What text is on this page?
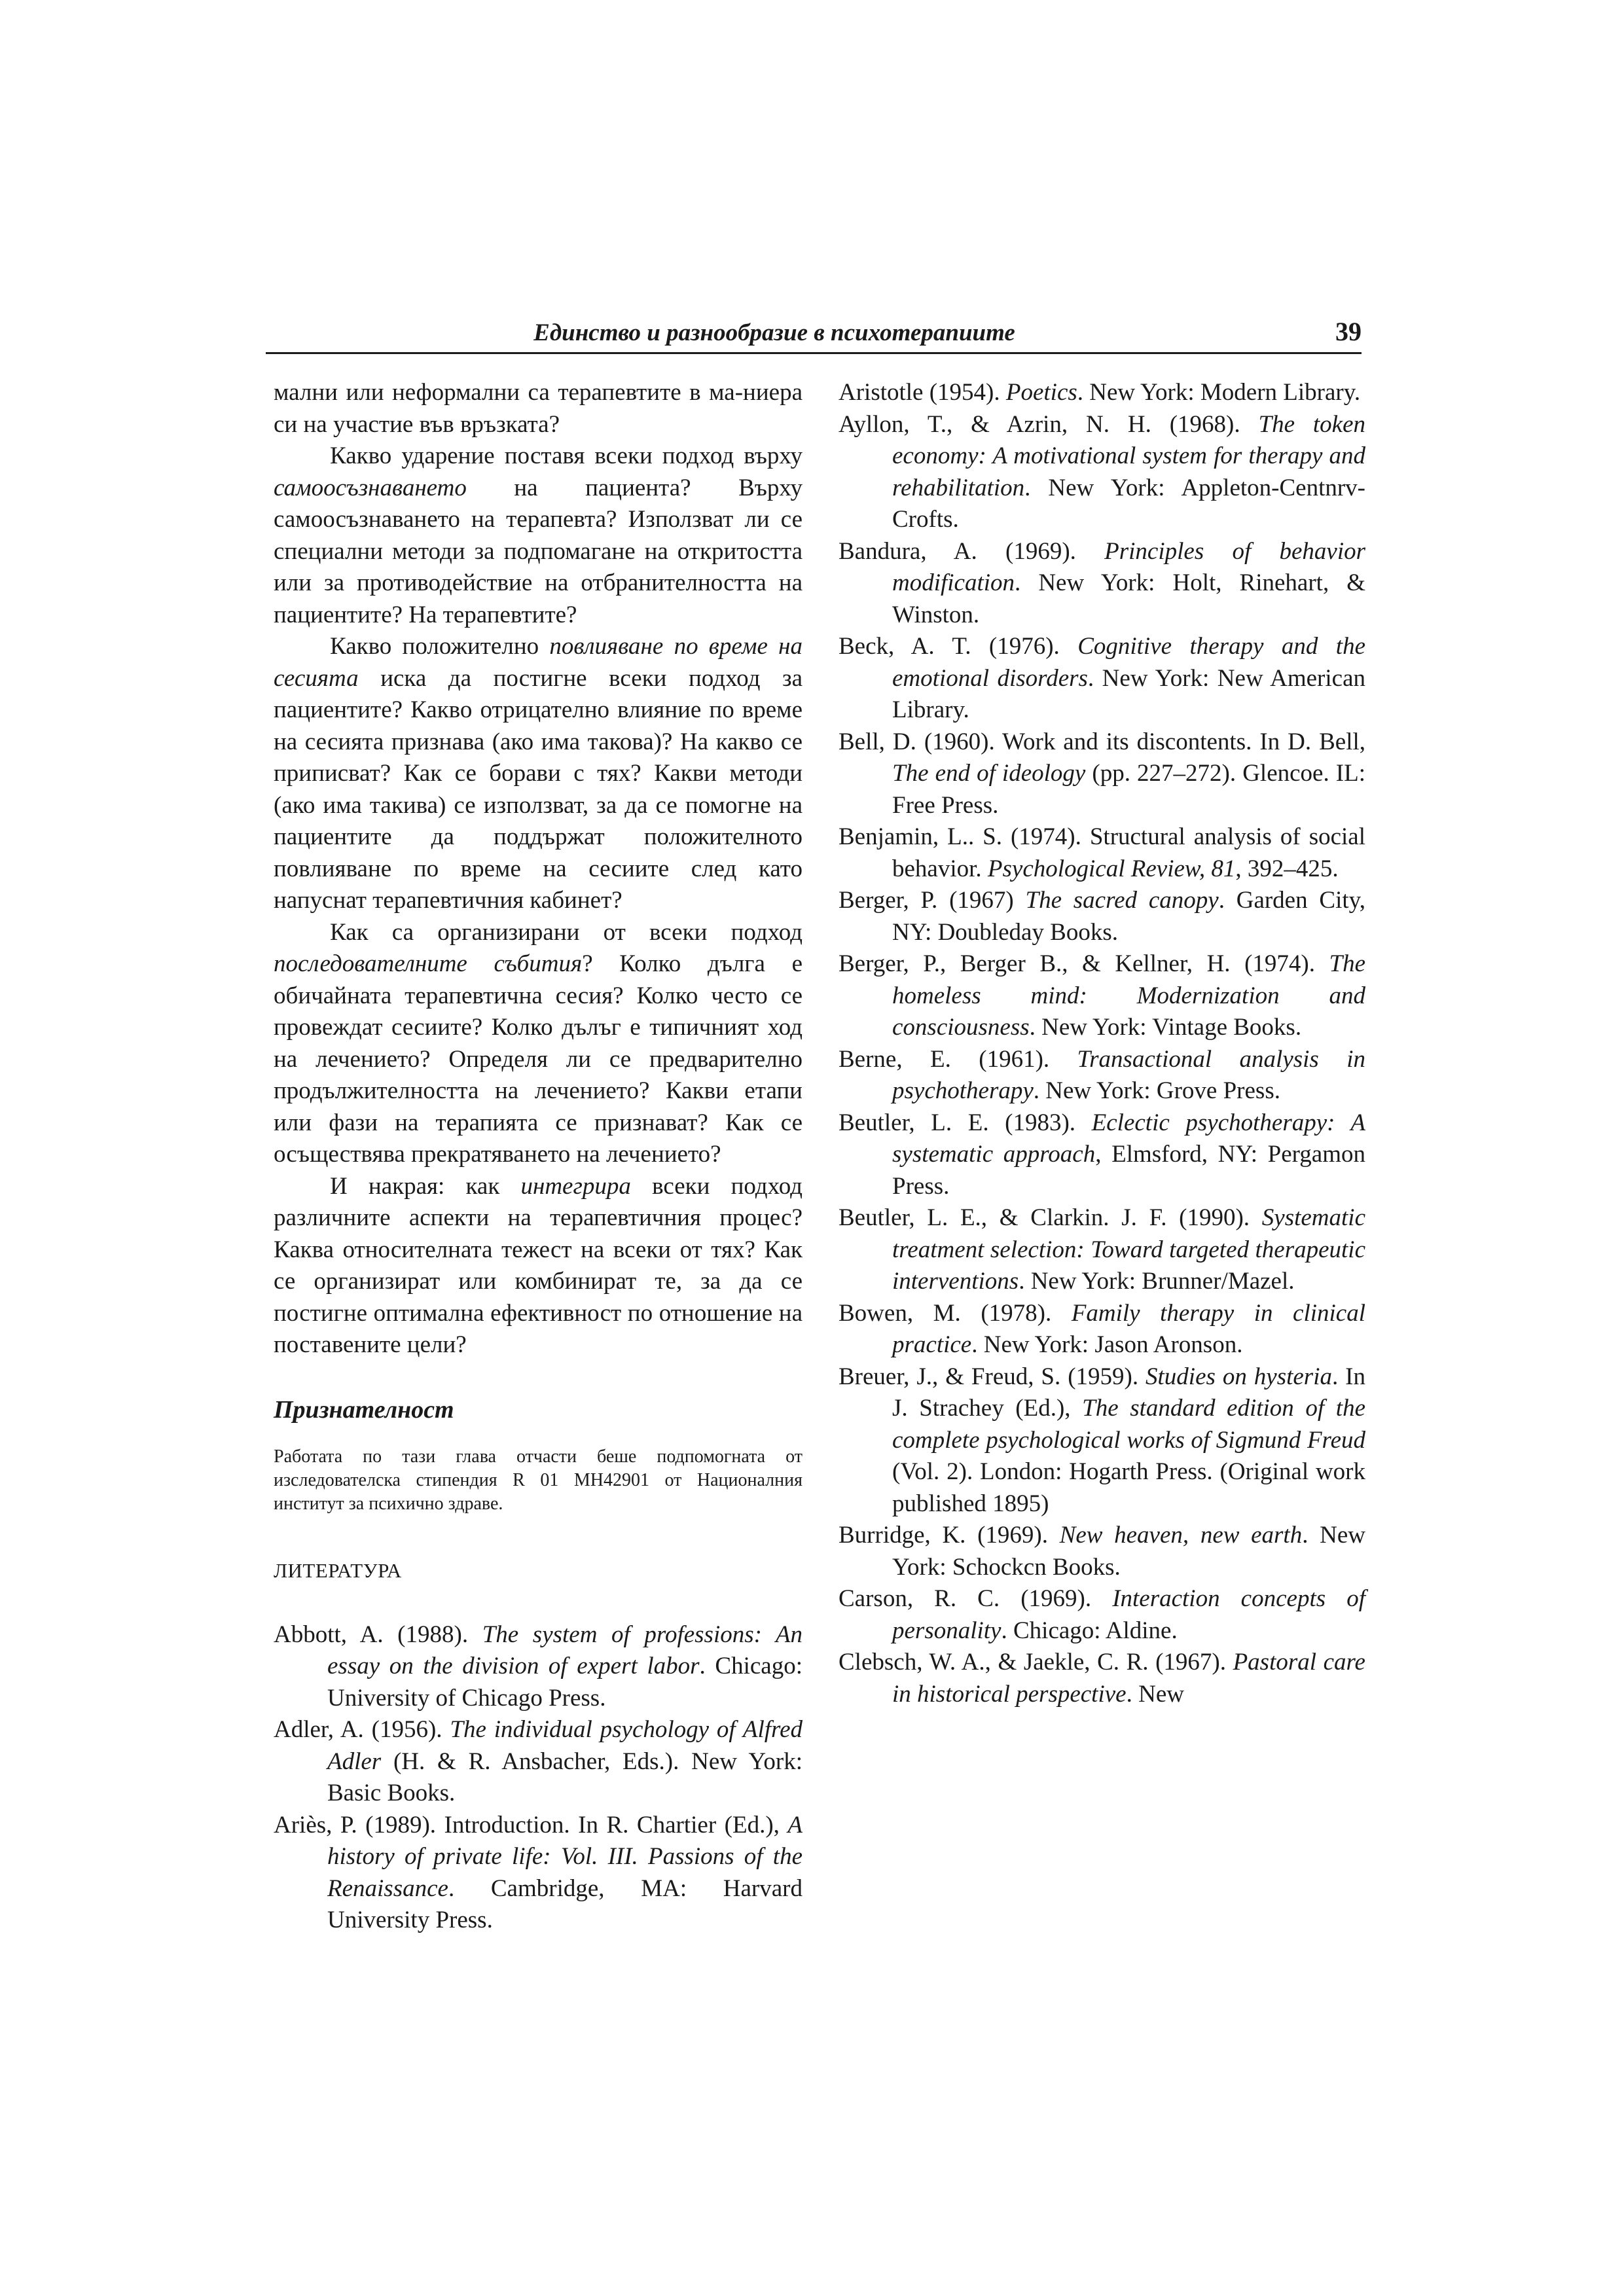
Единство и разнообразие в психотерапиите	39

мални или неформални са терапевтите в ма-ниера си на участие във връзката?

Какво ударение поставя всеки подход върху самоосъзнаването на пациента? Върху самоосъзнаването на терапевта? Използват ли се специални методи за подпомагане на откритостта или за противодействие на отбранителността на пациентите? На терапевтите?

Какво положително повлияване по време на сесията иска да постигне всеки подход за пациентите? Какво отрицателно влияние по време на сесията признава (ако има такова)? На какво се приписват? Как се борави с тях? Какви методи (ако има такива) се използват, за да се помогне на пациентите да поддържат положителното повлияване по време на сесиите след като напуснат терапевтичния кабинет?

Как са организирани от всеки подход последователните събития? Колко дълга е обичайната терапевтична сесия? Колко често се провеждат сесиите? Колко дълъг е типичният ход на лечението? Определя ли се предварително продължителността на лечението? Какви етапи или фази на терапията се признават? Как се осъществява прекратяването на лечението?

И накрая: как интегрира всеки подход различните аспекти на терапевтичния процес? Каква относителната тежест на всеки от тях? Как се организират или комбинират те, за да се постигне оптимална ефективност по отношение на поставените цели?

Признателност
Работата по тази глава отчасти беше подпомогната от изследователска стипендия R 01 MH42901 от Националния институт за психично здраве.
ЛИТЕРАТУРА

Abbott, A. (1988). The system of professions: An essay on the division of expert labor. Chicago: University of Chicago Press.

Adler, A. (1956). The individual psychology of Alfred Adler (H. & R. Ansbacher, Eds.). New York: Basic Books.

Ariès, P. (1989). Introduction. In R. Chartier (Ed.), A history of private life: Vol. III. Passions of the Renaissance. Cambridge, MA: Harvard University Press.

Aristotle (1954). Poetics. New York: Modern Library.

Ayllon, T., & Azrin, N. H. (1968). The token economy: A motivational system for therapy and rehabilitation. New York: Appleton-Centnrv-Crofts.

Bandura, A. (1969). Principles of behavior modification. New York: Holt, Rinehart, & Winston.

Beck, A. T. (1976). Cognitive therapy and the emotional disorders. New York: New American Library.

Bell, D. (1960). Work and its discontents. In D. Bell, The end of ideology (pp. 227–272). Glencoe. IL: Free Press.

Benjamin, L.. S. (1974). Structural analysis of social behavior. Psychological Review, 81, 392–425.

Berger, P. (1967) The sacred canopy. Garden City, NY: Doubleday Books.

Berger, P., Berger B., & Kellner, H. (1974). The homeless mind: Modernization and consciousness. New York: Vintage Books.

Berne, E. (1961). Transactional analysis in psychotherapy. New York: Grove Press.

Beutler, L. E. (1983). Eclectic psychotherapy: A systematic approach, Elmsford, NY: Pergamon Press.

Beutler, L. E., & Clarkin. J. F. (1990). Systematic treatment selection: Toward targeted therapeutic interventions. New York: Brunner/Mazel.

Bowen, M. (1978). Family therapy in clinical practice. New York: Jason Aronson.

Breuer, J., & Freud, S. (1959). Studies on hysteria. In J. Strachey (Ed.), The standard edition of the complete psychological works of Sigmund Freud (Vol. 2). London: Hogarth Press. (Original work published 1895)

Burridge, K. (1969). New heaven, new earth. New York: Schockcn Books.

Carson, R. C. (1969). Interaction concepts of personality. Chicago: Aldine.

Clebsch, W. A., & Jaekle, C. R. (1967). Pastoral care in historical perspective. New
